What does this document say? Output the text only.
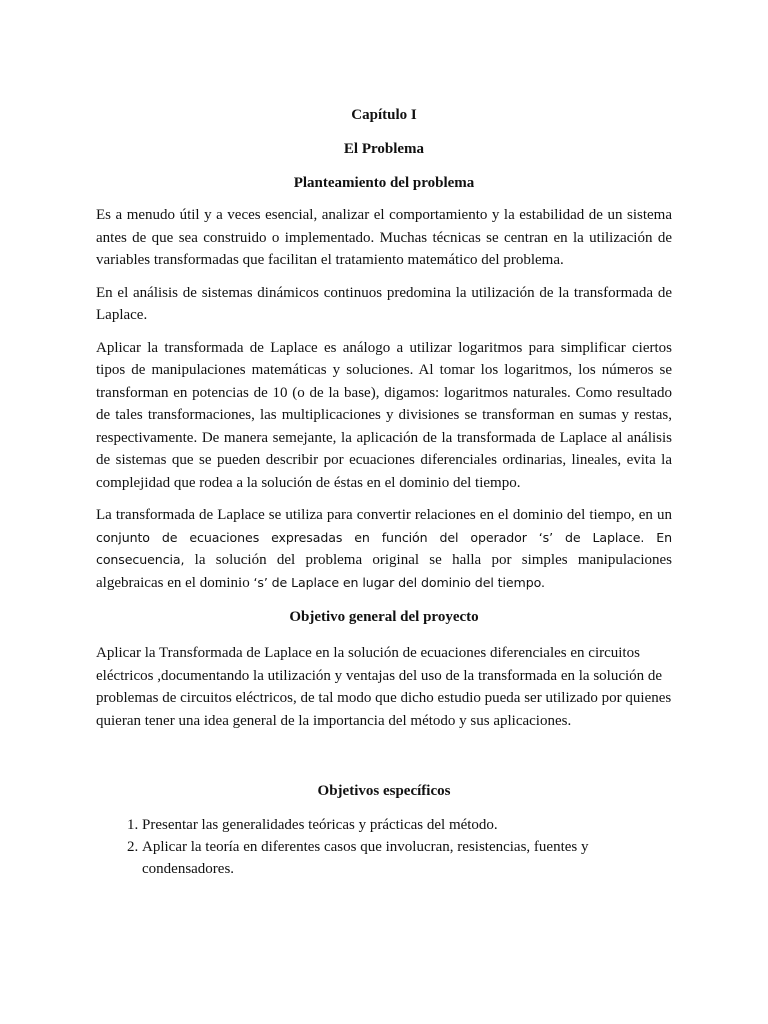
Capítulo I

El Problema

Planteamiento del problema

Es a menudo útil y a veces esencial, analizar el comportamiento y la estabilidad de un sistema antes de que sea construido o implementado. Muchas técnicas se centran en la utilización de variables transformadas que facilitan el tratamiento matemático del problema.

En el análisis de sistemas dinámicos continuos predomina la utilización de la transformada de Laplace.

Aplicar la transformada de Laplace es análogo a utilizar logaritmos para simplificar ciertos tipos de manipulaciones matemáticas y soluciones. Al tomar los logaritmos, los números se transforman en potencias de 10 (o de la base), digamos: logaritmos naturales. Como resultado de tales transformaciones, las multiplicaciones y divisiones se transforman en sumas y restas, respectivamente. De manera semejante, la aplicación de la transformada de Laplace al análisis de sistemas que se pueden describir por ecuaciones diferenciales ordinarias, lineales, evita la complejidad que rodea a la solución de éstas en el dominio del tiempo.

La transformada de Laplace se utiliza para convertir relaciones en el dominio del tiempo, en un conjunto de ecuaciones expresadas en función del operador ‘s’ de Laplace. En consecuencia, la solución del problema original se halla por simples manipulaciones algebraicas en el dominio ‘s’ de Laplace en lugar del dominio del tiempo.

Objetivo general del proyecto

Aplicar la Transformada de Laplace en la solución de ecuaciones diferenciales en circuitos eléctricos ,documentando la utilización y ventajas del uso de la transformada en la solución de problemas de circuitos eléctricos, de tal modo que dicho estudio pueda ser utilizado por quienes quieran tener una idea general de la importancia del método y sus aplicaciones.

Objetivos específicos

1. Presentar las generalidades teóricas y prácticas del método.
2. Aplicar la teoría en diferentes casos que involucran, resistencias, fuentes y condensadores.
